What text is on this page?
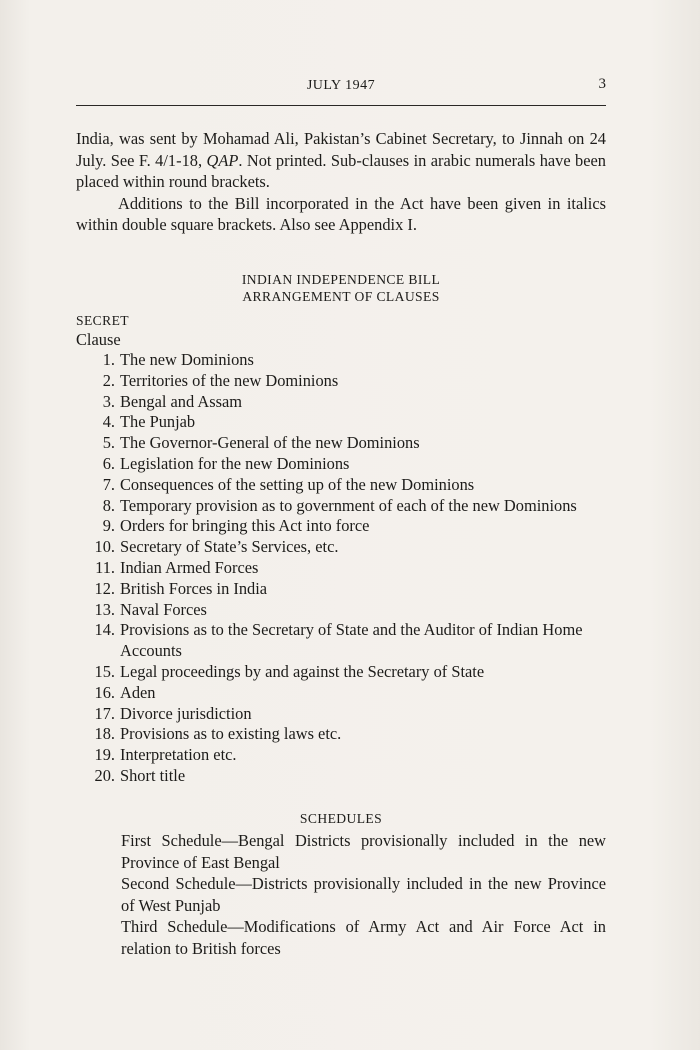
JULY 1947	3

India, was sent by Mohamad Ali, Pakistan’s Cabinet Secretary, to Jinnah on 24 July. See F. 4/1-18, QAP. Not printed. Sub-clauses in arabic numerals have been placed within round brackets.

Additions to the Bill incorporated in the Act have been given in italics within double square brackets. Also see Appendix I.

INDIAN INDEPENDENCE BILL
ARRANGEMENT OF CLAUSES
SECRET
Clause
1. The new Dominions
2. Territories of the new Dominions
3. Bengal and Assam
4. The Punjab
5. The Governor-General of the new Dominions
6. Legislation for the new Dominions
7. Consequences of the setting up of the new Dominions
8. Temporary provision as to government of each of the new Dominions
9. Orders for bringing this Act into force
10. Secretary of State’s Services, etc.
11. Indian Armed Forces
12. British Forces in India
13. Naval Forces
14. Provisions as to the Secretary of State and the Auditor of Indian Home Accounts
15. Legal proceedings by and against the Secretary of State
16. Aden
17. Divorce jurisdiction
18. Provisions as to existing laws etc.
19. Interpretation etc.
20. Short title
SCHEDULES
First Schedule—Bengal Districts provisionally included in the new Province of East Bengal
Second Schedule—Districts provisionally included in the new Province of West Punjab
Third Schedule—Modifications of Army Act and Air Force Act in relation to British forces
